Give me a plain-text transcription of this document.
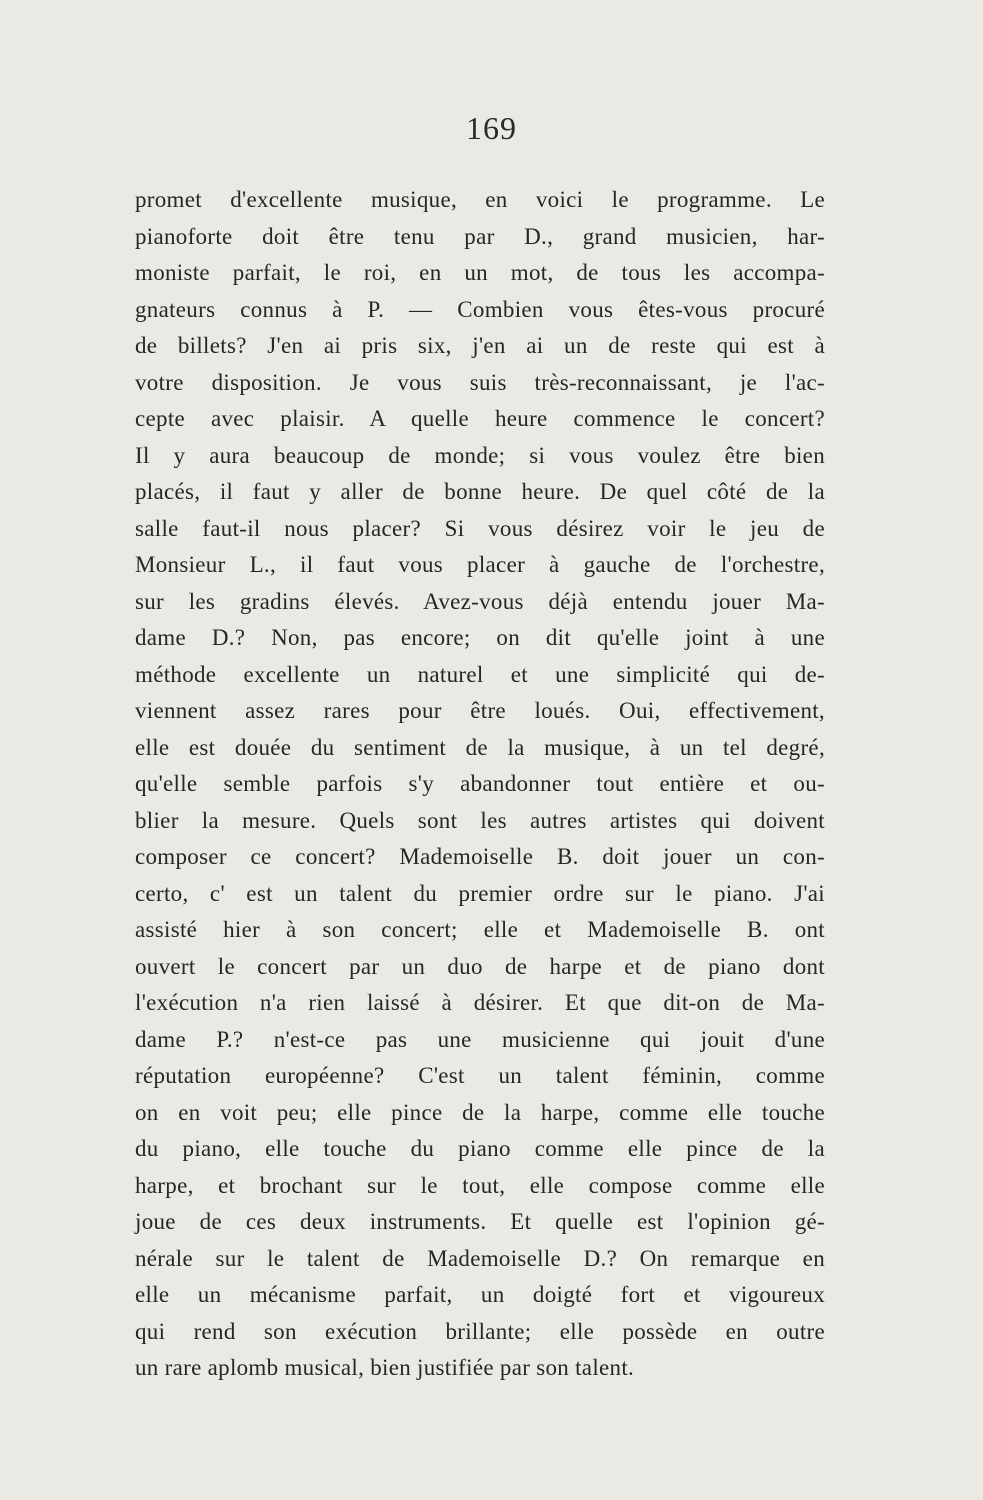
169
promet d'excellente musique, en voici le programme. Le
pianoforte doit être tenu par D., grand musicien, har-
moniste parfait, le roi, en un mot, de tous les accompa-
gnateurs connus à P. — Combien vous êtes-vous procuré
de billets? J'en ai pris six, j'en ai un de reste qui est à
votre disposition. Je vous suis très-reconnaissant, je l'ac-
cepte avec plaisir. A quelle heure commence le concert?
Il y aura beaucoup de monde; si vous voulez être bien
placés, il faut y aller de bonne heure. De quel côté de la
salle faut-il nous placer? Si vous désirez voir le jeu de
Monsieur L., il faut vous placer à gauche de l'orchestre,
sur les gradins élevés. Avez-vous déjà entendu jouer Ma-
dame D.? Non, pas encore; on dit qu'elle joint à une
méthode excellente un naturel et une simplicité qui de-
viennent assez rares pour être loués. Oui, effectivement,
elle est douée du sentiment de la musique, à un tel degré,
qu'elle semble parfois s'y abandonner tout entière et ou-
blier la mesure. Quels sont les autres artistes qui doivent
composer ce concert? Mademoiselle B. doit jouer un con-
certo, c' est un talent du premier ordre sur le piano. J'ai
assisté hier à son concert; elle et Mademoiselle B. ont
ouvert le concert par un duo de harpe et de piano dont
l'exécution n'a rien laissé à désirer. Et que dit-on de Ma-
dame P.? n'est-ce pas une musicienne qui jouit d'une
réputation européenne? C'est un talent féminin, comme
on en voit peu; elle pince de la harpe, comme elle touche
du piano, elle touche du piano comme elle pince de la
harpe, et brochant sur le tout, elle compose comme elle
joue de ces deux instruments. Et quelle est l'opinion gé-
nérale sur le talent de Mademoiselle D.? On remarque en
elle un mécanisme parfait, un doigté fort et vigoureux
qui rend son exécution brillante; elle possède en outre
un rare aplomb musical, bien justifiée par son talent.
